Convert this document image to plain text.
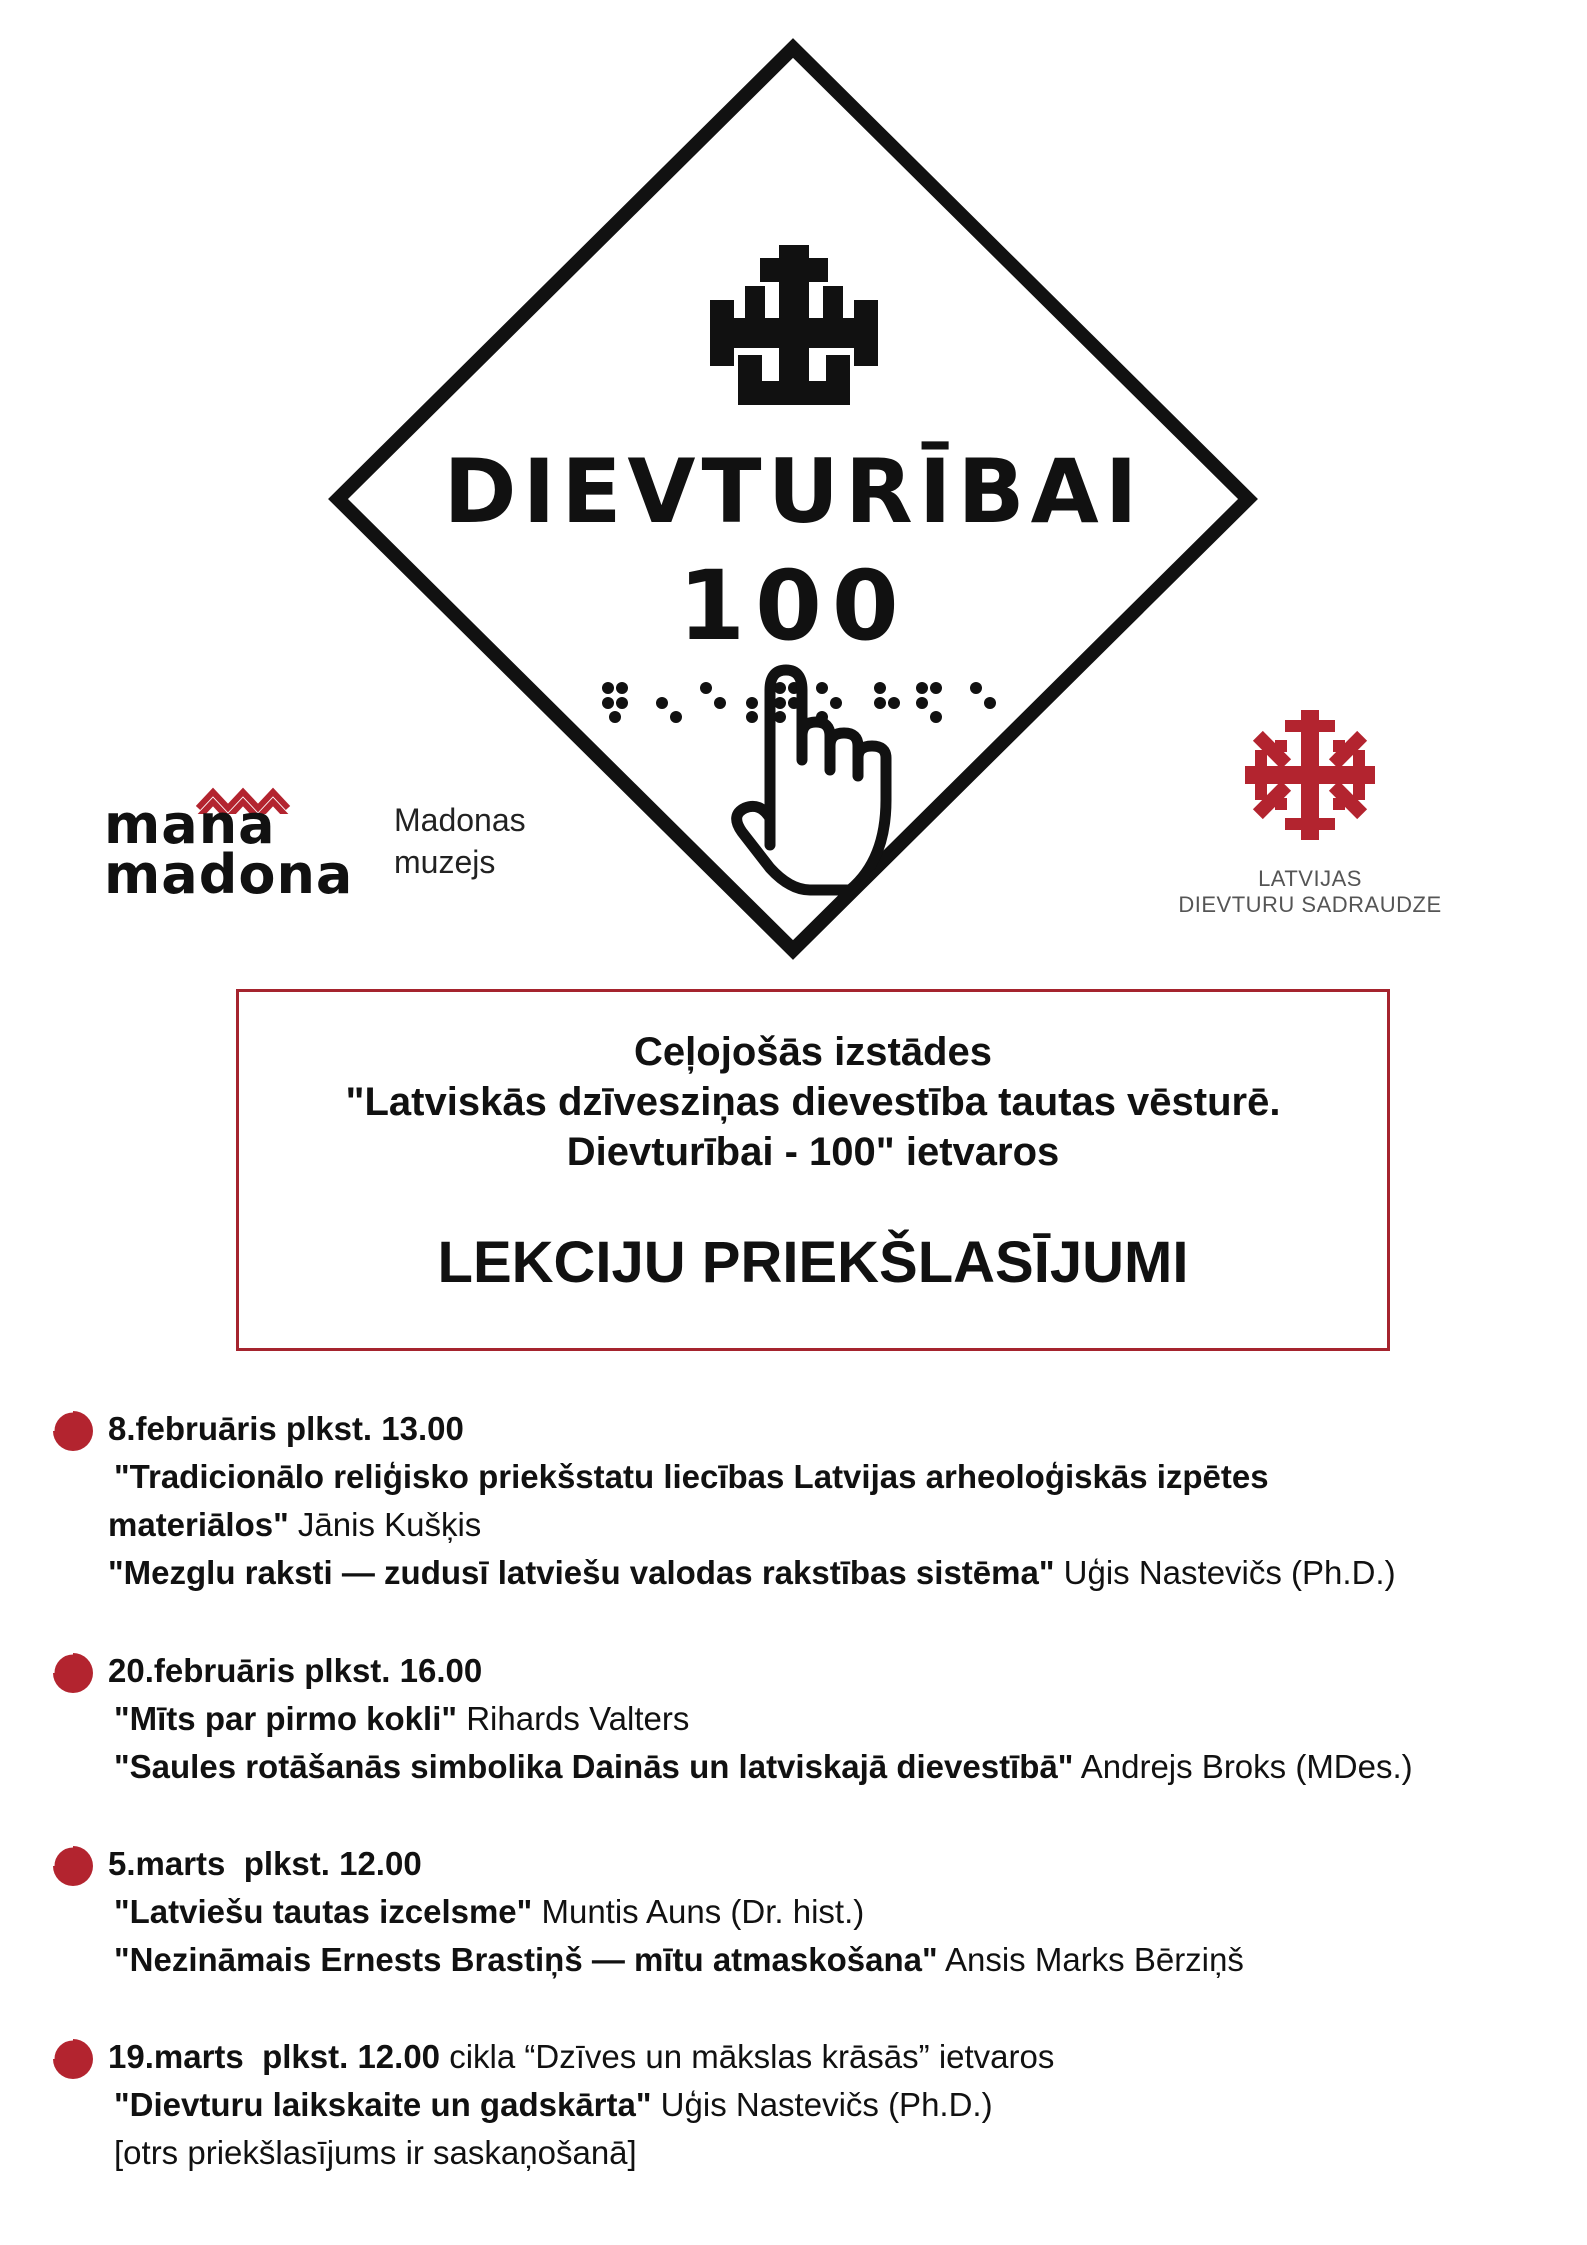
DIEVTURĪBAI
100
mana
madona
Madonas
muzejs	LATVIJAS
DIEVTURU SADRAUDZE
Ceļojošās izstādes
"Latviskās dzīvesziņas dievestība tautas vēsturē.
Dievturībai - 100" ietvaros
LEKCIJU PRIEKŠLASĪJUMI
8.februāris plkst. 13.00
"Tradicionālo reliģisko priekšstatu liecības Latvijas arheoloģiskās izpētes
materiālos" Jānis Kušķis
"Mezglu raksti — zudusī latviešu valodas rakstības sistēma" Uģis Nastevičs (Ph.D.)
20.februāris plkst. 16.00
"Mīts par pirmo kokli" Rihards Valters
"Saules rotāšanās simbolika Dainās un latviskajā dievestībā" Andrejs Broks (MDes.)
5.marts  plkst. 12.00
"Latviešu tautas izcelsme" Muntis Auns (Dr. hist.)
"Nezināmais Ernests Brastiņš — mītu atmaskošana" Ansis Marks Bērziņš
19.marts  plkst. 12.00 cikla “Dzīves un mākslas krāsās” ietvaros
"Dievturu laikskaite un gadskārta" Uģis Nastevičs (Ph.D.)
[otrs priekšlasījums ir saskaņošanā]
